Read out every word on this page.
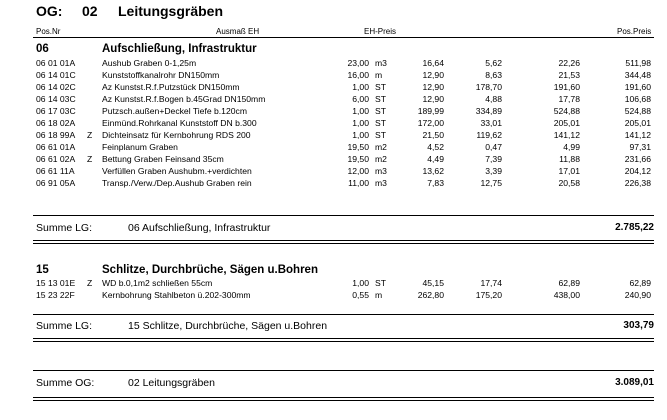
OG: 02 Leitungsgräben
Pos.Nr	Ausmaß EH	EH-Preis	Pos.Preis
06	Aufschließung, Infrastruktur
06 01 01A	Aushub Graben 0-1,25m	23,00 m3	16,64	5,62	22,26	511,98
06 14 01C	Kunststoffkanalrohr DN150mm	16,00 m	12,90	8,63	21,53	344,48
06 14 02C	Az Kunstst.R.f.Putzstück DN150mm	1,00 ST	12,90	178,70	191,60	191,60
06 14 03C	Az Kunstst.R.f.Bogen b.45Grad DN150mm	6,00 ST	12,90	4,88	17,78	106,68
06 17 03C	Putzsch.außen+Deckel Tiefe b.120cm	1,00 ST	189,99	334,89	524,88	524,88
06 18 02A	Einmünd.Rohrkanal Kunststoff DN b.300	1,00 ST	172,00	33,01	205,01	205,01
06 18 99A	Z	Dichteinsatz für Kernbohrung RDS 200	1,00 ST	21,50	119,62	141,12	141,12
06 61 01A	Feinplanum Graben	19,50 m2	4,52	0,47	4,99	97,31
06 61 02A	Z	Bettung Graben Feinsand 35cm	19,50 m2	4,49	7,39	11,88	231,66
06 61 11A	Verfüllen Graben Aushubm.+verdichten	12,00 m3	13,62	3,39	17,01	204,12
06 91 05A	Transp./Verw./Dep.Aushub Graben rein	11,00 m3	7,83	12,75	20,58	226,38
Summe LG:	06 Aufschließung, Infrastruktur	2.785,22
15	Schlitze, Durchbrüche, Sägen u.Bohren
15 13 01E	Z	WD b.0,1m2 schließen 55cm	1,00 ST	45,15	17,74	62,89	62,89
15 23 22F	Kernbohrung Stahlbeton ü.202-300mm	0,55 m	262,80	175,20	438,00	240,90
Summe LG:	15 Schlitze, Durchbrüche, Sägen u.Bohren	303,79
Summe OG:	02 Leitungsgräben	3.089,01
